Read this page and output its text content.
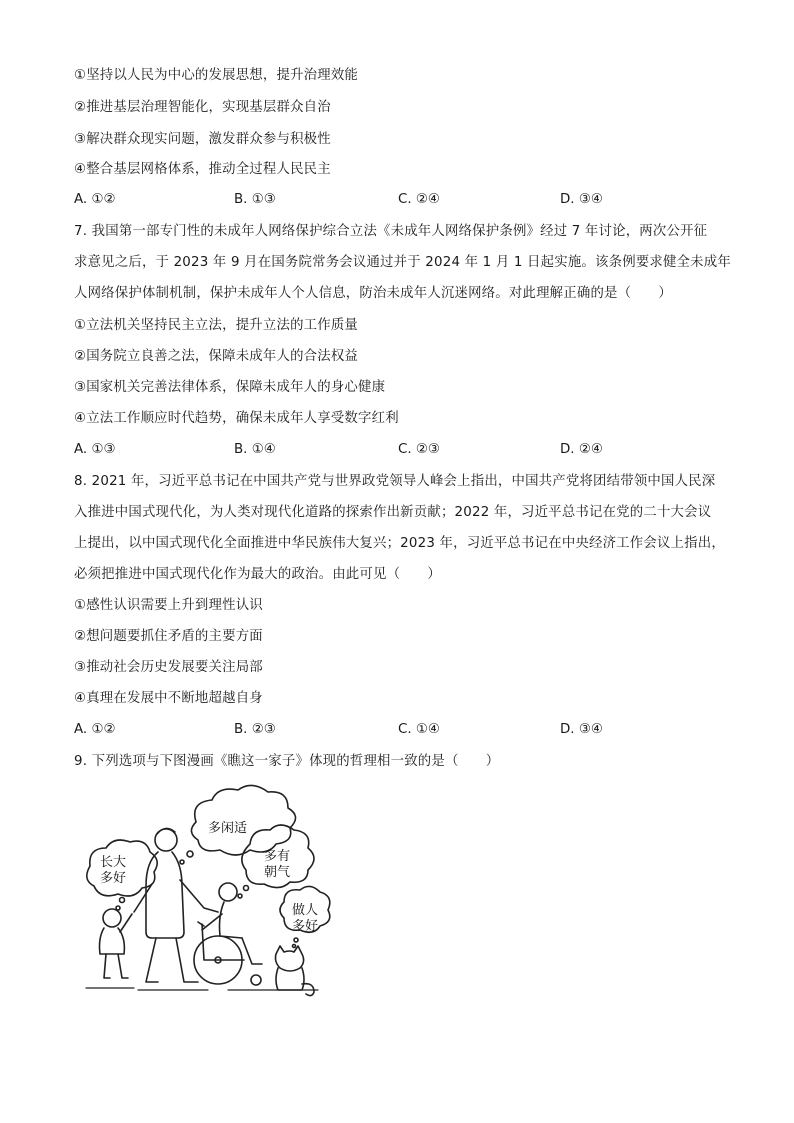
①坚持以人民为中心的发展思想，提升治理效能
②推进基层治理智能化，实现基层群众自治
③解决群众现实问题，激发群众参与积极性
④整合基层网格体系，推动全过程人民民主
A. ①②	B. ①③	C. ②④	D. ③④
7. 我国第一部专门性的未成年人网络保护综合立法《未成年人网络保护条例》经过 7 年讨论，两次公开征
求意见之后，于 2023 年 9 月在国务院常务会议通过并于 2024 年 1 月 1 日起实施。该条例要求健全未成年
人网络保护体制机制，保护未成年人个人信息，防治未成年人沉迷网络。对此理解正确的是（　　）
①立法机关坚持民主立法，提升立法的工作质量
②国务院立良善之法，保障未成年人的合法权益
③国家机关完善法律体系，保障未成年人的身心健康
④立法工作顺应时代趋势，确保未成年人享受数字红利
A. ①③	B. ①④	C. ②③	D. ②④
8. 2021 年，习近平总书记在中国共产党与世界政党领导人峰会上指出，中国共产党将团结带领中国人民深
入推进中国式现代化，为人类对现代化道路的探索作出新贡献；2022 年，习近平总书记在党的二十大会议
上提出，以中国式现代化全面推进中华民族伟大复兴；2023 年，习近平总书记在中央经济工作会议上指出，
必须把推进中国式现代化作为最大的政治。由此可见（　　）
①感性认识需要上升到理性认识
②想问题要抓住矛盾的主要方面
③推动社会历史发展要关注局部
④真理在发展中不断地超越自身
A. ①②	B. ②③	C. ①④	D. ③④
9. 下列选项与下图漫画《瞧这一家子》体现的哲理相一致的是（　　）
多闲适
长大
多好
多有
朝气
做人
多好
